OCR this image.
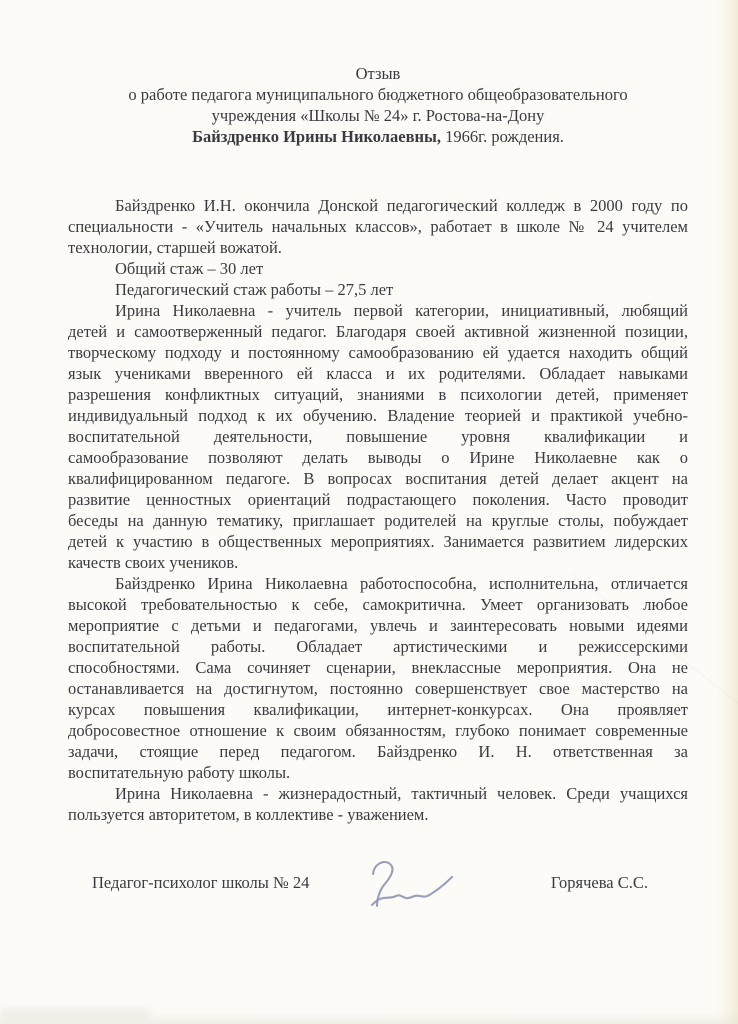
Отзыв
о работе педагога муниципального бюджетного общеобразовательного
учреждения «Школы № 24» г. Ростова-на-Дону
Байздренко Ирины Николаевны, 1966г. рождения.
Байздренко И.Н. окончила Донской педагогический колледж в 2000 году по
специальности - «Учитель начальных классов», работает в школе № 24 учителем
технологии, старшей вожатой.
Общий стаж – 30 лет
Педагогический стаж работы – 27,5 лет
Ирина Николаевна - учитель первой категории, инициативный, любящий
детей и самоотверженный педагог. Благодаря своей активной жизненной позиции,
творческому подходу и постоянному самообразованию ей удается находить общий
язык учениками вверенного ей класса и их родителями. Обладает навыками
разрешения конфликтных ситуаций, знаниями в психологии детей, применяет
индивидуальный подход к их обучению. Владение теорией и практикой учебно-
воспитательной деятельности, повышение уровня квалификации и
самообразование позволяют делать выводы о Ирине Николаевне как о
квалифицированном педагоге. В вопросах воспитания детей делает акцент на
развитие ценностных ориентаций подрастающего поколения. Часто проводит
беседы на данную тематику, приглашает родителей на круглые столы, побуждает
детей к участию в общественных мероприятиях. Занимается развитием лидерских
качеств своих учеников.
Байздренко Ирина Николаевна работоспособна, исполнительна, отличается
высокой требовательностью к себе, самокритична. Умеет организовать любое
мероприятие с детьми и педагогами, увлечь и заинтересовать новыми идеями
воспитательной работы. Обладает артистическими и режиссерскими
способностями. Сама сочиняет сценарии, внеклассные мероприятия. Она не
останавливается на достигнутом, постоянно совершенствует свое мастерство на
курсах повышения квалификации, интернет-конкурсах. Она проявляет
добросовестное отношение к своим обязанностям, глубоко понимает современные
задачи, стоящие перед педагогом. Байздренко И. Н. ответственная за
воспитательную работу школы.
Ирина Николаевна - жизнерадостный, тактичный человек. Среди учащихся
пользуется авторитетом, в коллективе - уважением.
Педагог-психолог школы № 24	Горячева С.С.
